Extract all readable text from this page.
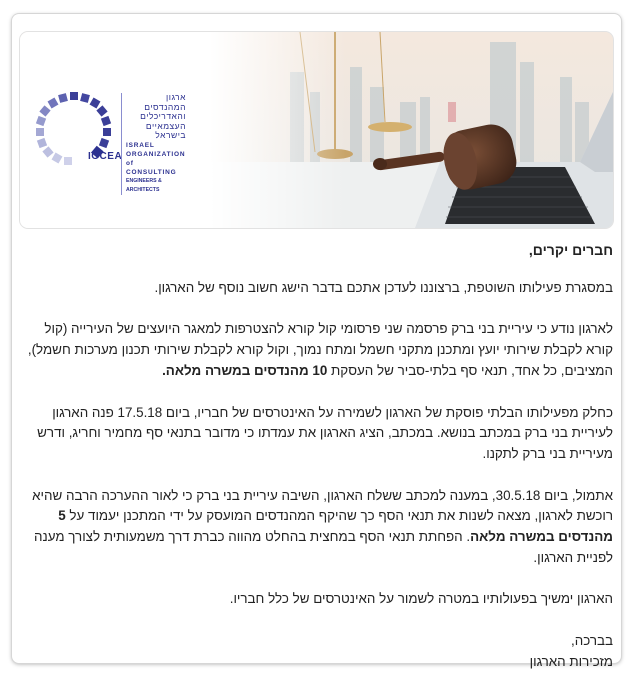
IOCEA
ארגון המהנדסים
והאדריכלים
העצמאיים
בישראל
ISRAEL
ORGANIZATION
of CONSULTING
ENGINEERS & ARCHITECTS

חברים יקרים,

במסגרת פעילותו השוטפת, ברצוננו לעדכן אתכם בדבר הישג חשוב נוסף של הארגון.

לארגון נודע כי עיריית בני ברק פרסמה שני פרסומי קול קורא להצטרפות למאגר היועצים של העירייה (קול קורא לקבלת שירותי יועץ ומתכנן מתקני חשמל ומתח נמוך, וקול קורא לקבלת שירותי תכנון מערכות חשמל), המציבים, כל אחד, תנאי סף בלתי-סביר של העסקת 10 מהנדסים במשרה מלאה.

כחלק מפעילותו הבלתי פוסקת של הארגון לשמירה על האינטרסים של חבריו, ביום 17.5.18 פנה הארגון לעיריית בני ברק במכתב בנושא. במכתב, הציג הארגון את עמדתו כי מדובר בתנאי סף מחמיר וחריג, ודרש מעיריית בני ברק לתקנו.

אתמול, ביום 30.5.18, במענה למכתב ששלח הארגון, השיבה עיריית בני ברק כי לאור ההערכה הרבה שהיא רוכשת לארגון, מצאה לשנות את תנאי הסף כך שהיקף המהנדסים המועסק על ידי המתכנן יעמוד על 5 מהנדסים במשרה מלאה. הפחתת תנאי הסף במחצית בהחלט מהווה כברת דרך משמעותית לצורך מענה לפניית הארגון.

הארגון ימשיך בפעולותיו במטרה לשמור על האינטרסים של כלל חבריו.

בברכה,

מזכירות הארגון
